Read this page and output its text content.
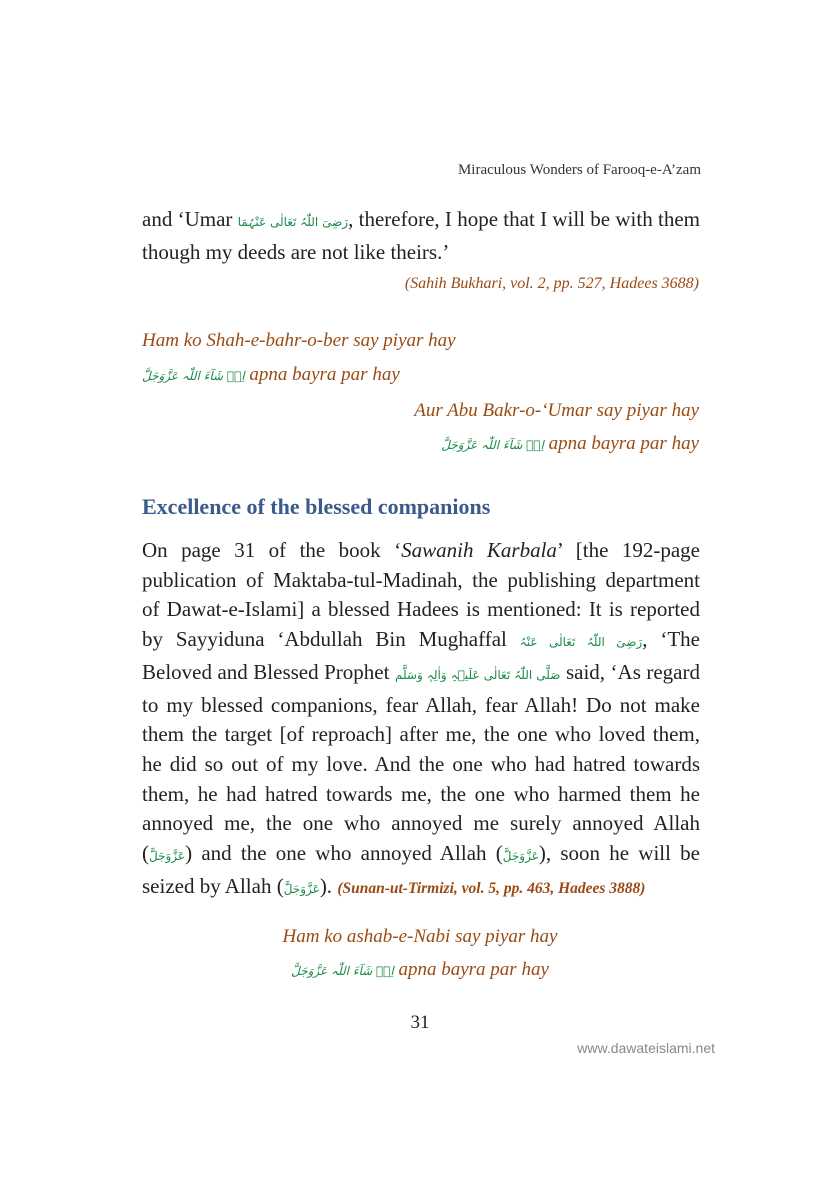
Miraculous Wonders of Farooq-e-A’zam
and ‘Umar رَضِیَ اللّٰہُ تَعَالٰی عَنْہُمَا, therefore, I hope that I will be with them though my deeds are not like theirs.’
(Sahih Bukhari, vol. 2, pp. 527, Hadees 3688)
Ham ko Shah-e-bahr-o-ber say piyar hay
اِنۡ شَآءَ اللّٰہ عَزَّوَجَلَّ apna bayra par hay
Aur Abu Bakr-o-‘Umar say piyar hay
اِنۡ شَآءَ اللّٰہ عَزَّوَجَلَّ apna bayra par hay
Excellence of the blessed companions
On page 31 of the book ‘Sawanih Karbala’ [the 192-page publication of Maktaba-tul-Madinah, the publishing department of Dawat-e-Islami] a blessed Hadees is mentioned: It is reported by Sayyiduna ‘Abdullah Bin Mughaffal رَضِیَ اللّٰہُ تَعَالٰی عَنْہُ, ‘The Beloved and Blessed Prophet صَلَّی اللّٰہُ تَعَالٰی عَلَیۡہِ وَاٰلِہٖ وَسَلَّم said, ‘As regard to my blessed companions, fear Allah, fear Allah! Do not make them the target [of reproach] after me, the one who loved them, he did so out of my love. And the one who had hatred towards them, he had hatred towards me, the one who harmed them he annoyed me, the one who annoyed me surely annoyed Allah (عَزَّوَجَلَّ) and the one who annoyed Allah (عَزَّوَجَلَّ), soon he will be seized by Allah (عَزَّوَجَلَّ). (Sunan-ut-Tirmizi, vol. 5, pp. 463, Hadees 3888)
Ham ko ashab-e-Nabi say piyar hay
اِنۡ شَآءَ اللّٰہ عَزَّوَجَلَّ apna bayra par hay
31
www.dawateislami.net
